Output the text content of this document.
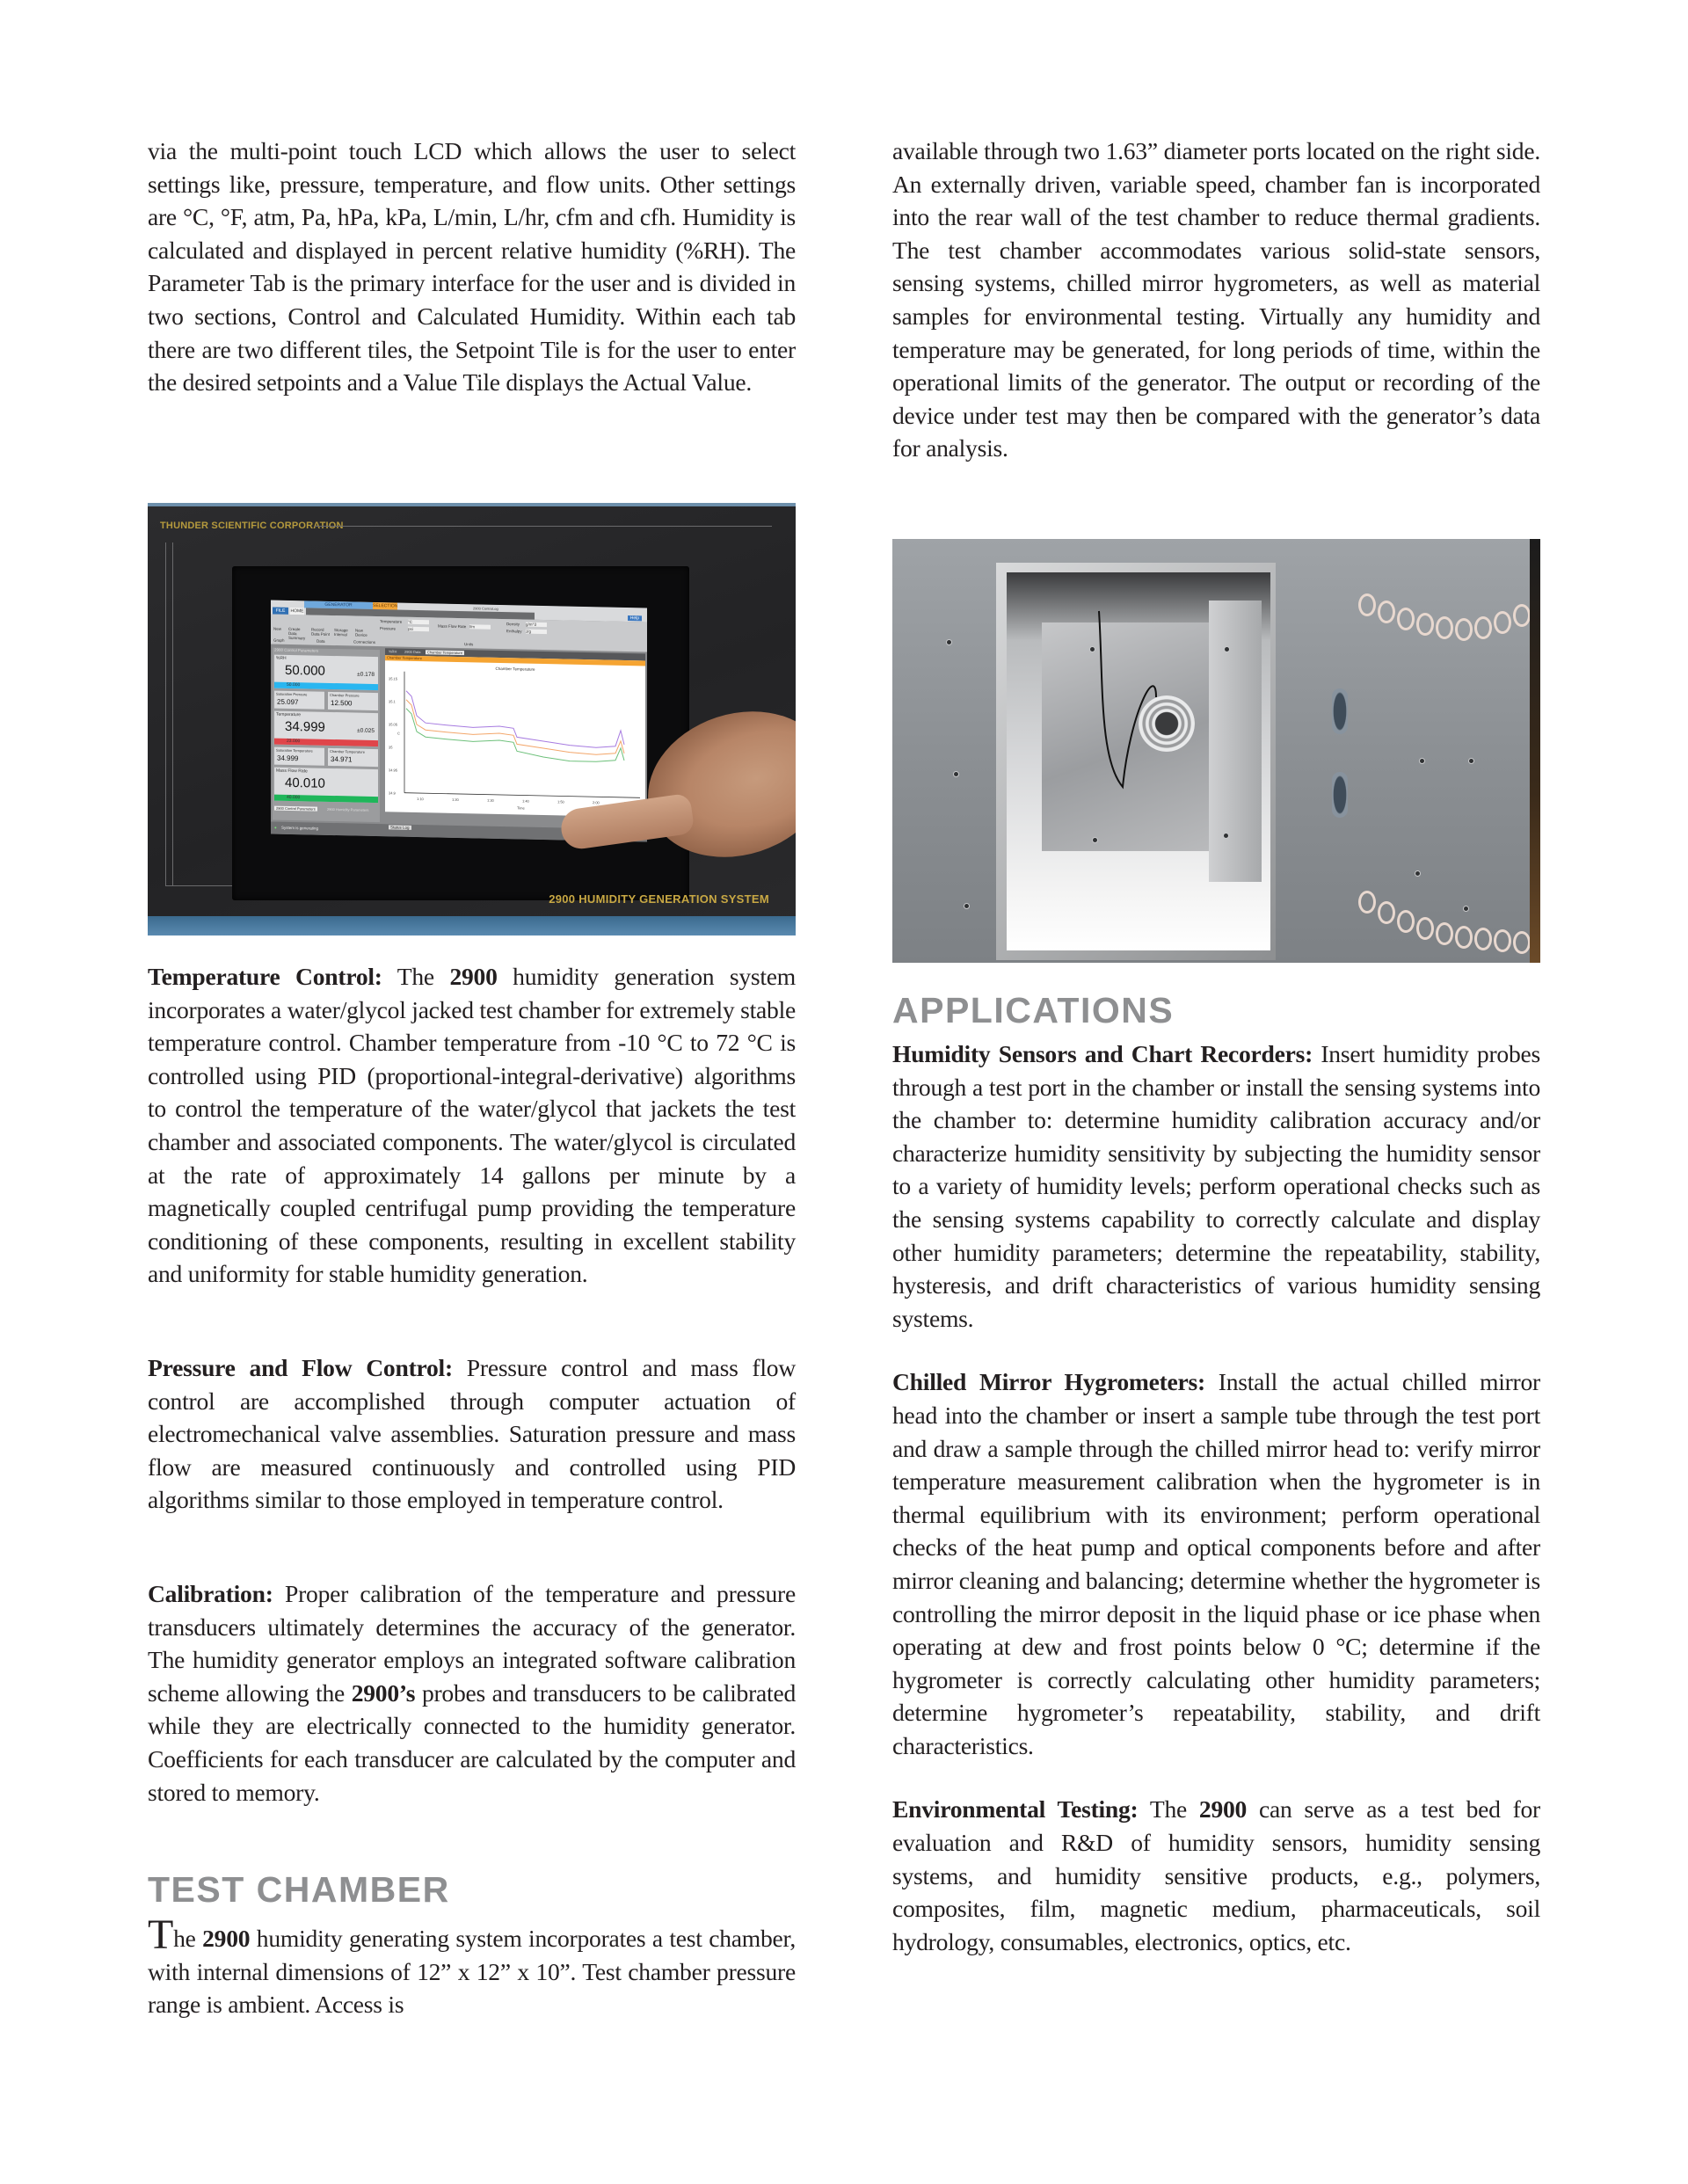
via the multi-point touch LCD which allows the user to select settings like, pressure, temperature, and flow units. Other settings are °C, °F, atm, Pa, hPa, kPa, L/min, L/hr, cfm and cfh. Humidity is calculated and displayed in percent relative humidity (%RH). The Parameter Tab is the primary interface for the user and is divided in two sections, Control and Calculated Humidity. Within each tab there are two different tiles, the Setpoint Tile is for the user to enter the desired setpoints and a Value Tile displays the Actual Value.

THUNDER SCIENTIFIC CORPORATION
GENERATOR	SELECTION	2900 ControLog
FILE	HOME
Help
New Create Data Summary
Record Data Point
Storage Interval
New Device
Temperature °C
Pressure	psi
Mass Flow Rate l/m
Density g/m^3
Enthalpy J/g
Graph	Data	Connections	Units
2900 Control Parameters
%RH
50.000	±0.178
50.000
Saturation Pressure
25.097
Chamber Pressure
12.500
Temperature
34.999	±0.025
23.000
Saturation Temperature
34.999
Chamber Temperature
34.971
Mass Flow Rate
40.010
40.000
2900 Control Parameters	2900 Humidity Parameters
%RH 2900 Data	Chamber Temperature
Chamber Temperature
Chamber Temperature
35.15
35.1
35.05
35
34.95
34.9
1:10	1:20	1:30	1:40	1:50	2:00
Time
C
● System is generating	Status Log
2900 HUMIDITY GENERATION SYSTEM

Temperature Control: The 2900 humidity generation system incorporates a water/glycol jacked test chamber for extremely stable temperature control. Chamber temperature from -10 °C to 72 °C is controlled using PID (proportional-integral-derivative) algorithms to control the temperature of the water/glycol that jackets the test chamber and associated components. The water/glycol is circulated at the rate of approximately 14 gallons per minute by a magnetically coupled centrifugal pump providing the temperature conditioning of these components, resulting in excellent stability and uniformity for stable humidity generation.

Pressure and Flow Control: Pressure control and mass flow control are accomplished through computer actuation of electromechanical valve assemblies. Saturation pressure and mass flow are measured continuously and controlled using PID algorithms similar to those employed in temperature control.

Calibration: Proper calibration of the temperature and pressure transducers ultimately determines the accuracy of the generator. The humidity generator employs an integrated software calibration scheme allowing the 2900’s probes and transducers to be calibrated while they are electrically connected to the humidity generator. Coefficients for each transducer are calculated by the computer and stored to memory.

TEST CHAMBER

The 2900 humidity generating system incorporates a test chamber, with internal dimensions of 12” x 12” x 10”. Test chamber pressure range is ambient. Access is

available through two 1.63” diameter ports located on the right side. An externally driven, variable speed, chamber fan is incorporated into the rear wall of the test chamber to reduce thermal gradients. The test chamber accommodates various solid-state sensors, sensing systems, chilled mirror hygrometers, as well as material samples for environmental testing. Virtually any humidity and temperature may be generated, for long periods of time, within the operational limits of the generator. The output or recording of the device under test may then be compared with the generator’s data for analysis.

APPLICATIONS

Humidity Sensors and Chart Recorders: Insert humidity probes through a test port in the chamber or install the sensing systems into the chamber to: determine humidity calibration accuracy and/or characterize humidity sensitivity by subjecting the humidity sensor to a variety of humidity levels; perform operational checks such as the sensing systems capability to correctly calculate and display other humidity parameters; determine the repeatability, stability, hysteresis, and drift characteristics of various humidity sensing systems.

Chilled Mirror Hygrometers: Install the actual chilled mirror head into the chamber or insert a sample tube through the test port and draw a sample through the chilled mirror head to: verify mirror temperature measurement calibration when the hygrometer is in thermal equilibrium with its environment; perform operational checks of the heat pump and optical components before and after mirror cleaning and balancing; determine whether the hygrometer is controlling the mirror deposit in the liquid phase or ice phase when operating at dew and frost points below 0 °C; determine if the hygrometer is correctly calculating other humidity parameters; determine hygrometer’s repeatability, stability, and drift characteristics.

Environmental Testing: The 2900 can serve as a test bed for evaluation and R&D of humidity sensors, humidity sensing systems, and humidity sensitive products, e.g., polymers, composites, film, magnetic medium, pharmaceuticals, soil hydrology, consumables, electronics, optics, etc.
